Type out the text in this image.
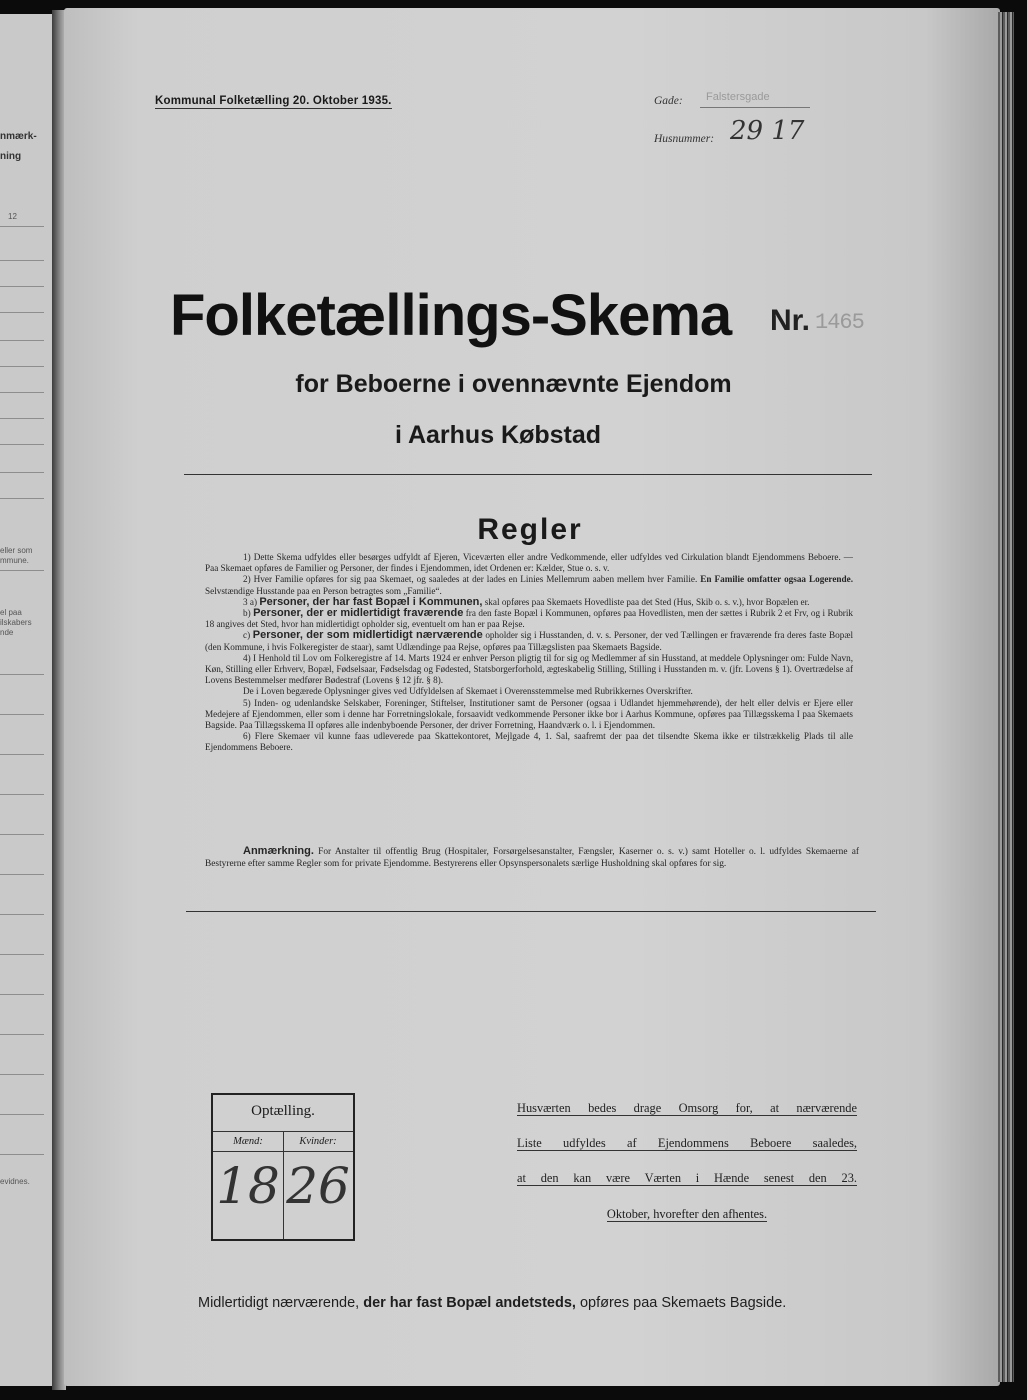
nmærk-
ning
12
eller som
mmune.
el paa
ilskabers
nde
evidnes.
Kommunal Folketælling 20. Oktober 1935.	Gade: Falstersgade
Husnummer: 29 17
Folketællings-Skema	Nr. 1465
for Beboerne i ovennævnte Ejendom
i Aarhus Købstad
Regler

1) Dette Skema udfyldes eller besørges udfyldt af Ejeren, Viceværten eller andre Vedkommende, eller udfyldes ved Cirkulation blandt Ejendommens Beboere. — Paa Skemaet opføres de Familier og Personer, der findes i Ejendommen, idet Ordenen er: Kælder, Stue o. s. v.

2) Hver Familie opføres for sig paa Skemaet, og saaledes at der lades en Linies Mellemrum aaben mellem hver Familie. En Familie omfatter ogsaa Logerende. Selvstændige Husstande paa en Person betragtes som „Familie“.

3 a) Personer, der har fast Bopæl i Kommunen, skal opføres paa Skemaets Hovedliste paa det Sted (Hus, Skib o. s. v.), hvor Bopælen er.

b) Personer, der er midlertidigt fraværende fra den faste Bopæl i Kommunen, opføres paa Hovedlisten, men der sættes i Rubrik 2 et Frv, og i Rubrik 18 angives det Sted, hvor han midlertidigt opholder sig, eventuelt om han er paa Rejse.

c) Personer, der som midlertidigt nærværende opholder sig i Husstanden, d. v. s. Personer, der ved Tællingen er fraværende fra deres faste Bopæl (den Kommune, i hvis Folkeregister de staar), samt Udlændinge paa Rejse, opføres paa Tillægslisten paa Skemaets Bagside.

4) I Henhold til Lov om Folkeregistre af 14. Marts 1924 er enhver Person pligtig til for sig og Medlemmer af sin Husstand, at meddele Oplysninger om: Fulde Navn, Køn, Stilling eller Erhverv, Bopæl, Fødselsaar, Fødselsdag og Fødested, Statsborgerforhold, ægteskabelig Stilling, Stilling i Husstanden m. v. (jfr. Lovens § 1). Overtrædelse af Lovens Bestemmelser medfører Bødestraf (Lovens § 12 jfr. § 8).

De i Loven begærede Oplysninger gives ved Udfyldelsen af Skemaet i Overensstemmelse med Rubrikkernes Overskrifter.

5) Inden- og udenlandske Selskaber, Foreninger, Stiftelser, Institutioner samt de Personer (ogsaa i Udlandet hjemmehørende), der helt eller delvis er Ejere eller Medejere af Ejendommen, eller som i denne har Forretningslokale, forsaavidt vedkommende Personer ikke bor i Aarhus Kommune, opføres paa Tillægsskema I paa Skemaets Bagside. Paa Tillægsskema II opføres alle indenbyboende Personer, der driver Forretning, Haandværk o. l. i Ejendommen.

6) Flere Skemaer vil kunne faas udleverede paa Skattekontoret, Mejlgade 4, 1. Sal, saafremt der paa det tilsendte Skema ikke er tilstrækkelig Plads til alle Ejendommens Beboere.

Anmærkning. For Anstalter til offentlig Brug (Hospitaler, Forsørgelsesanstalter, Fængsler, Kaserner o. s. v.) samt Hoteller o. l. udfyldes Skemaerne af Bestyrerne efter samme Regler som for private Ejendomme. Bestyrerens eller Opsynspersonalets særlige Husholdning skal opføres for sig.
Optælling.
Mænd:	Kvinder:
18 26
Husværten bedes drage Omsorg for, at nærværende
Liste udfyldes af Ejendommens Beboere saaledes,
at den kan være Værten i Hænde senest den 23.
Oktober, hvorefter den afhentes.
Midlertidigt nærværende, der har fast Bopæl andetsteds, opføres paa Skemaets Bagside.
